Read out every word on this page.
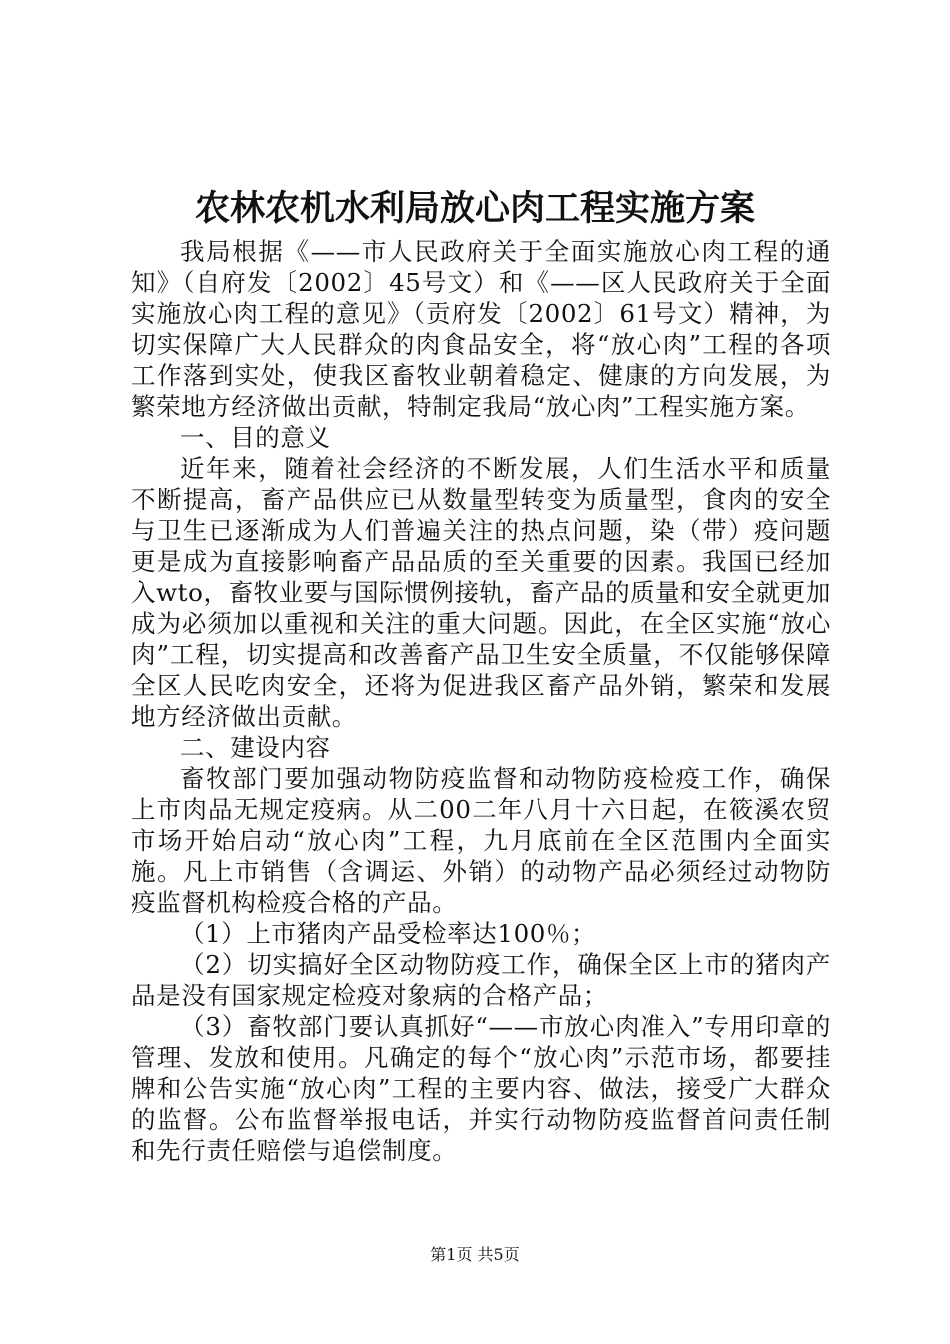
农林农机水利局放心肉工程实施方案

我局根据《——市人民政府关于全面实施放心肉工程的通知》（自府发〔2002〕45号文）和《——区人民政府关于全面实施放心肉工程的意见》（贡府发〔2002〕61号文）精神，为切实保障广大人民群众的肉食品安全，将“放心肉”工程的各项工作落到实处，使我区畜牧业朝着稳定、健康的方向发展，为繁荣地方经济做出贡献，特制定我局“放心肉”工程实施方案。

一、目的意义

近年来，随着社会经济的不断发展，人们生活水平和质量不断提高，畜产品供应已从数量型转变为质量型，食肉的安全与卫生已逐渐成为人们普遍关注的热点问题，染（带）疫问题更是成为直接影响畜产品品质的至关重要的因素。我国已经加入wto，畜牧业要与国际惯例接轨，畜产品的质量和安全就更加成为必须加以重视和关注的重大问题。因此，在全区实施“放心肉”工程，切实提高和改善畜产品卫生安全质量，不仅能够保障全区人民吃肉安全，还将为促进我区畜产品外销，繁荣和发展地方经济做出贡献。

二、建设内容

畜牧部门要加强动物防疫监督和动物防疫检疫工作，确保上市肉品无规定疫病。从二00二年八月十六日起，在筱溪农贸市场开始启动“放心肉”工程，九月底前在全区范围内全面实施。凡上市销售（含调运、外销）的动物产品必须经过动物防疫监督机构检疫合格的产品。

（1）上市猪肉产品受检率达100％；

（2）切实搞好全区动物防疫工作，确保全区上市的猪肉产品是没有国家规定检疫对象病的合格产品；

（3）畜牧部门要认真抓好“——市放心肉准入”专用印章的管理、发放和使用。凡确定的每个“放心肉”示范市场，都要挂牌和公告实施“放心肉”工程的主要内容、做法，接受广大群众的监督。公布监督举报电话，并实行动物防疫监督首问责任制和先行责任赔偿与追偿制度。

第1页 共5页
